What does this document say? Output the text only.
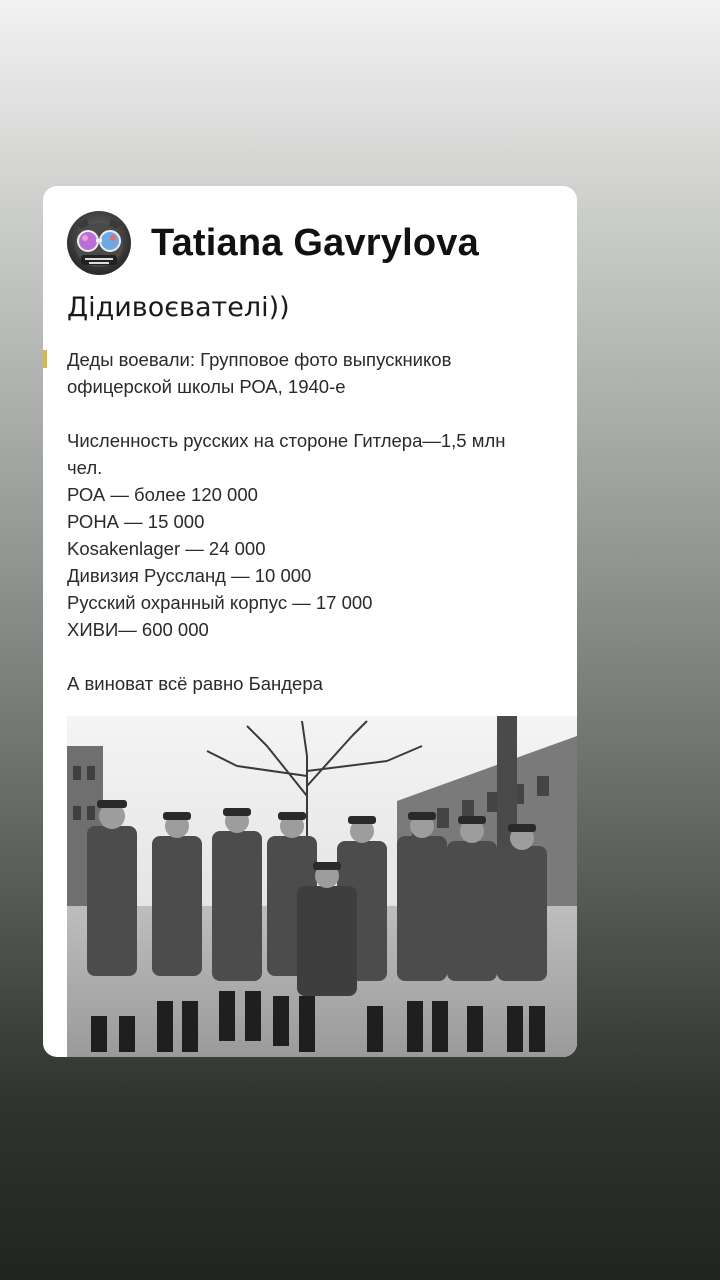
Tatiana Gavrylova
Дідивоєвателі))

Деды воевали: Групповое фото выпускников

офицерской школы РОА, 1940-е

Численность русских на стороне Гитлера—1,5 млн

чел.

РОА — более 120 000

РОНА — 15 000

Kosakenlager — 24 000

Дивизия Руссланд — 10 000

Русский охранный корпус — 17 000

ХИВИ— 600 000

А виноват всё равно Бандера
